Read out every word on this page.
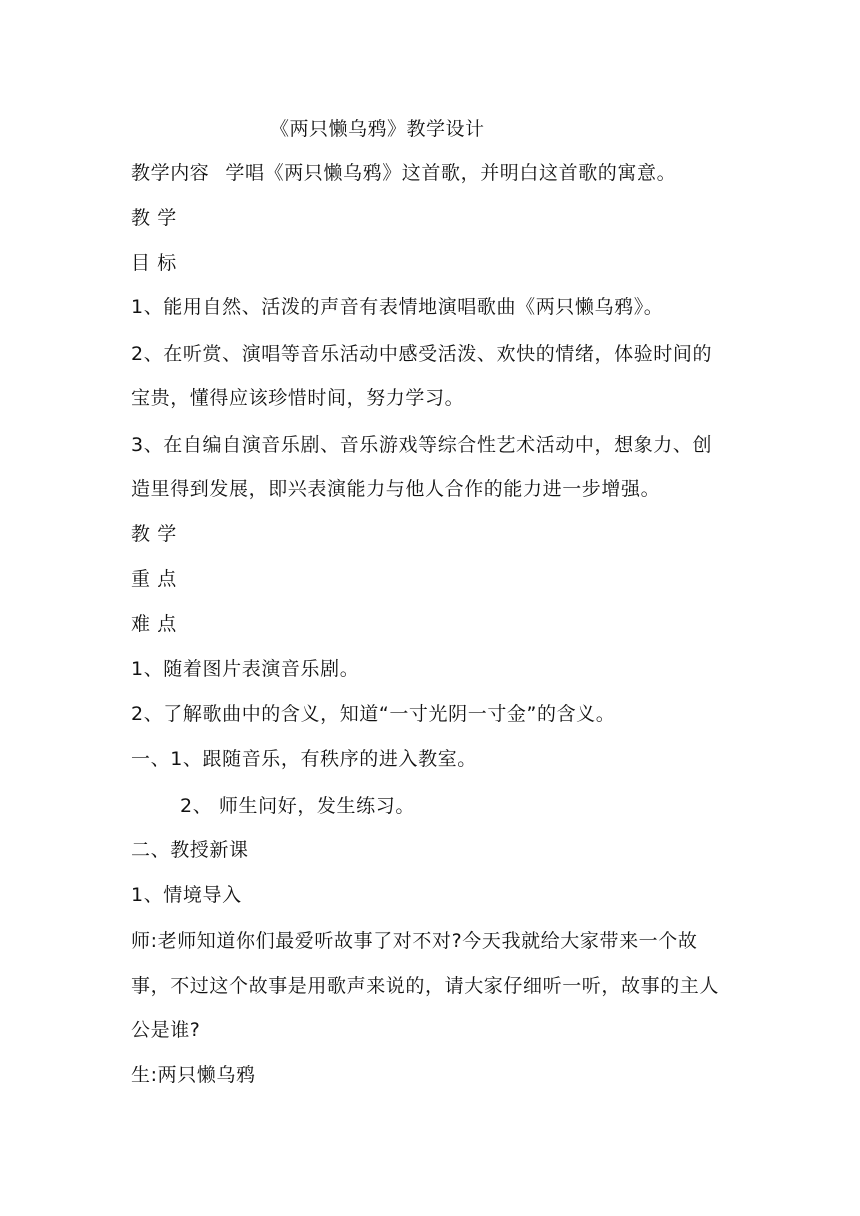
《两只懒乌鸦》教学设计
教学内容 学唱《两只懒乌鸦》这首歌，并明白这首歌的寓意。
教 学
目 标
1、能用自然、活泼的声音有表情地演唱歌曲《两只懒乌鸦》。
2、在听赏、演唱等音乐活动中感受活泼、欢快的情绪，体验时间的
宝贵，懂得应该珍惜时间，努力学习。
3、在自编自演音乐剧、音乐游戏等综合性艺术活动中，想象力、创
造里得到发展，即兴表演能力与他人合作的能力进一步增强。
教 学
重 点
难 点
1、随着图片表演音乐剧。
2、了解歌曲中的含义，知道“一寸光阴一寸金”的含义。
一、1、跟随音乐，有秩序的进入教室。
2、 师生问好，发生练习。
二、教授新课
1、情境导入
师:老师知道你们最爱听故事了对不对?今天我就给大家带来一个故
事，不过这个故事是用歌声来说的，请大家仔细听一听，故事的主人
公是谁?
生:两只懒乌鸦
